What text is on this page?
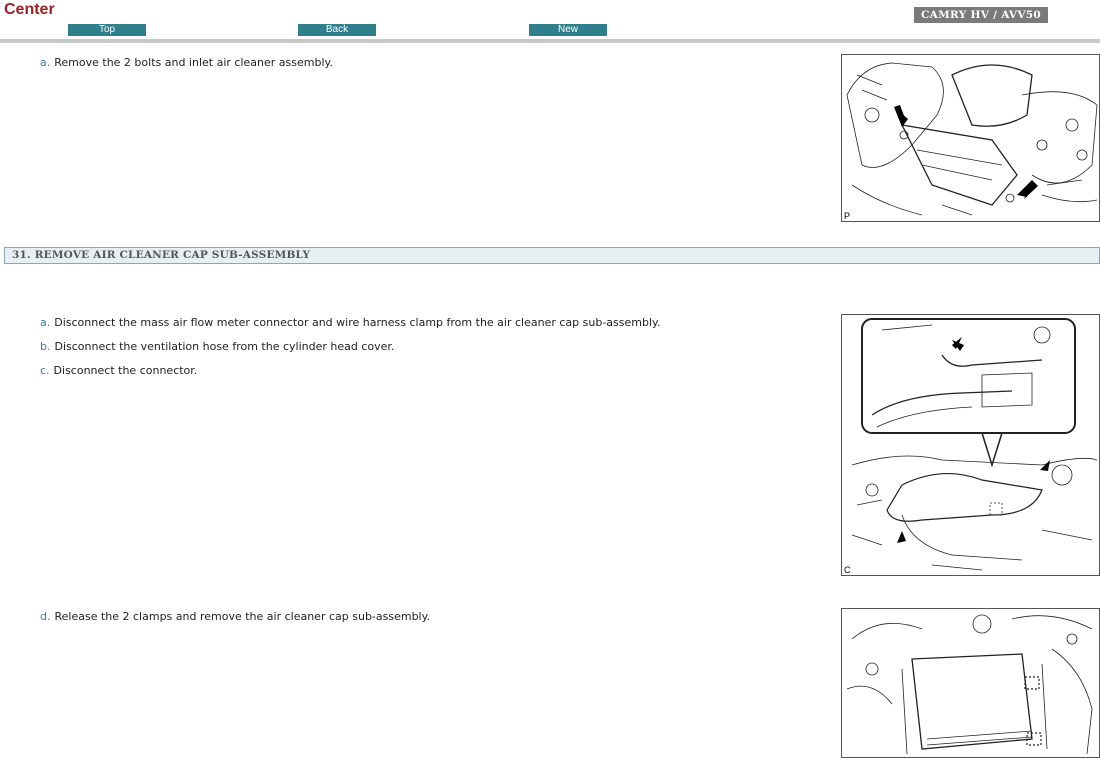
Center
Top	Back	New
CAMRY HV / AVV50
a. Remove the 2 bolts and inlet air cleaner assembly.
P
31. REMOVE AIR CLEANER CAP SUB-ASSEMBLY
a. Disconnect the mass air flow meter connector and wire harness clamp from the air cleaner cap sub-assembly.
b. Disconnect the ventilation hose from the cylinder head cover.
c. Disconnect the connector.
C
d. Release the 2 clamps and remove the air cleaner cap sub-assembly.
